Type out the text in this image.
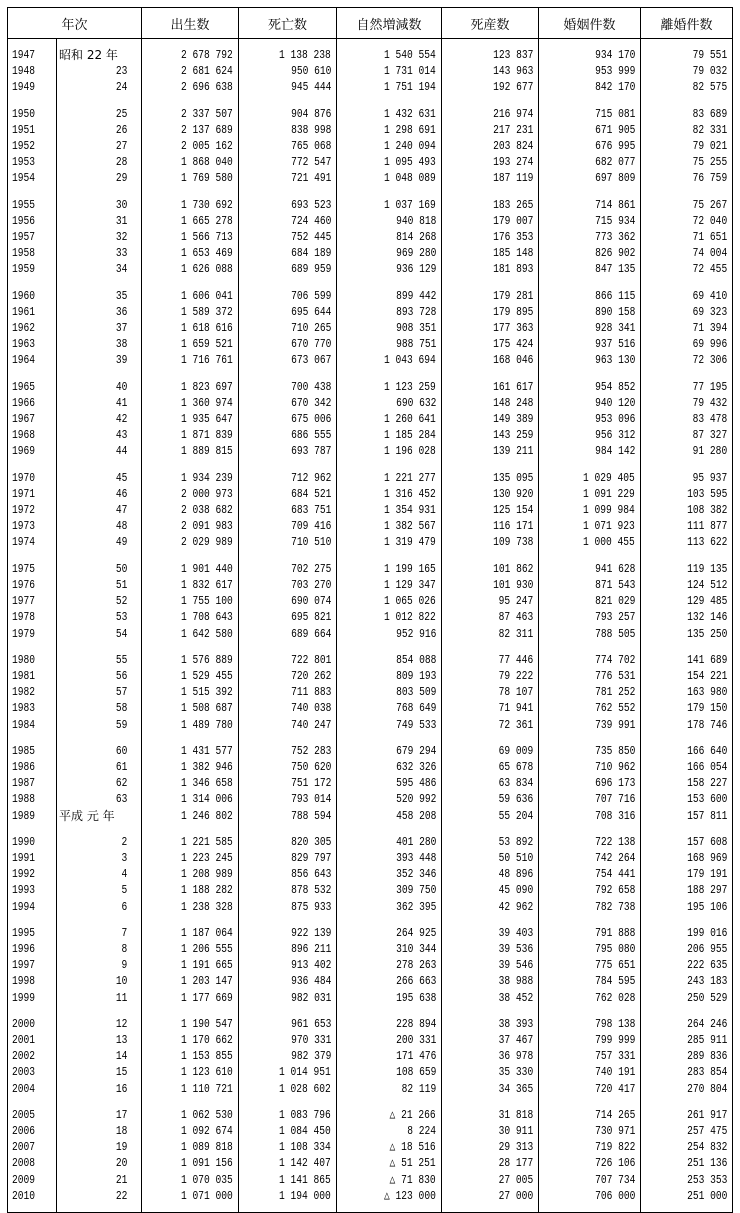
年次		出生数	死亡数	自然増減数	死産数	婚姻件数	離婚件数
1947	昭和 22 年	2 678 792	1 138 238	1 540 554	123 837	934 170	79 551
1948	23	2 681 624	950 610	1 731 014	143 963	953 999	79 032
1949	24	2 696 638	945 444	1 751 194	192 677	842 170	82 575
1950	25	2 337 507	904 876	1 432 631	216 974	715 081	83 689
1951	26	2 137 689	838 998	1 298 691	217 231	671 905	82 331
1952	27	2 005 162	765 068	1 240 094	203 824	676 995	79 021
1953	28	1 868 040	772 547	1 095 493	193 274	682 077	75 255
1954	29	1 769 580	721 491	1 048 089	187 119	697 809	76 759
1955	30	1 730 692	693 523	1 037 169	183 265	714 861	75 267
1956	31	1 665 278	724 460	940 818	179 007	715 934	72 040
1957	32	1 566 713	752 445	814 268	176 353	773 362	71 651
1958	33	1 653 469	684 189	969 280	185 148	826 902	74 004
1959	34	1 626 088	689 959	936 129	181 893	847 135	72 455
1960	35	1 606 041	706 599	899 442	179 281	866 115	69 410
1961	36	1 589 372	695 644	893 728	179 895	890 158	69 323
1962	37	1 618 616	710 265	908 351	177 363	928 341	71 394
1963	38	1 659 521	670 770	988 751	175 424	937 516	69 996
1964	39	1 716 761	673 067	1 043 694	168 046	963 130	72 306
1965	40	1 823 697	700 438	1 123 259	161 617	954 852	77 195
1966	41	1 360 974	670 342	690 632	148 248	940 120	79 432
1967	42	1 935 647	675 006	1 260 641	149 389	953 096	83 478
1968	43	1 871 839	686 555	1 185 284	143 259	956 312	87 327
1969	44	1 889 815	693 787	1 196 028	139 211	984 142	91 280
1970	45	1 934 239	712 962	1 221 277	135 095	1 029 405	95 937
1971	46	2 000 973	684 521	1 316 452	130 920	1 091 229	103 595
1972	47	2 038 682	683 751	1 354 931	125 154	1 099 984	108 382
1973	48	2 091 983	709 416	1 382 567	116 171	1 071 923	111 877
1974	49	2 029 989	710 510	1 319 479	109 738	1 000 455	113 622
1975	50	1 901 440	702 275	1 199 165	101 862	941 628	119 135
1976	51	1 832 617	703 270	1 129 347	101 930	871 543	124 512
1977	52	1 755 100	690 074	1 065 026	95 247	821 029	129 485
1978	53	1 708 643	695 821	1 012 822	87 463	793 257	132 146
1979	54	1 642 580	689 664	952 916	82 311	788 505	135 250
1980	55	1 576 889	722 801	854 088	77 446	774 702	141 689
1981	56	1 529 455	720 262	809 193	79 222	776 531	154 221
1982	57	1 515 392	711 883	803 509	78 107	781 252	163 980
1983	58	1 508 687	740 038	768 649	71 941	762 552	179 150
1984	59	1 489 780	740 247	749 533	72 361	739 991	178 746
1985	60	1 431 577	752 283	679 294	69 009	735 850	166 640
1986	61	1 382 946	750 620	632 326	65 678	710 962	166 054
1987	62	1 346 658	751 172	595 486	63 834	696 173	158 227
1988	63	1 314 006	793 014	520 992	59 636	707 716	153 600
1989	平成 元 年	1 246 802	788 594	458 208	55 204	708 316	157 811
1990	2	1 221 585	820 305	401 280	53 892	722 138	157 608
1991	3	1 223 245	829 797	393 448	50 510	742 264	168 969
1992	4	1 208 989	856 643	352 346	48 896	754 441	179 191
1993	5	1 188 282	878 532	309 750	45 090	792 658	188 297
1994	6	1 238 328	875 933	362 395	42 962	782 738	195 106
1995	7	1 187 064	922 139	264 925	39 403	791 888	199 016
1996	8	1 206 555	896 211	310 344	39 536	795 080	206 955
1997	9	1 191 665	913 402	278 263	39 546	775 651	222 635
1998	10	1 203 147	936 484	266 663	38 988	784 595	243 183
1999	11	1 177 669	982 031	195 638	38 452	762 028	250 529
2000	12	1 190 547	961 653	228 894	38 393	798 138	264 246
2001	13	1 170 662	970 331	200 331	37 467	799 999	285 911
2002	14	1 153 855	982 379	171 476	36 978	757 331	289 836
2003	15	1 123 610	1 014 951	108 659	35 330	740 191	283 854
2004	16	1 110 721	1 028 602	82 119	34 365	720 417	270 804
2005	17	1 062 530	1 083 796	△ 21 266	31 818	714 265	261 917
2006	18	1 092 674	1 084 450	8 224	30 911	730 971	257 475
2007	19	1 089 818	1 108 334	△ 18 516	29 313	719 822	254 832
2008	20	1 091 156	1 142 407	△ 51 251	28 177	726 106	251 136
2009	21	1 070 035	1 141 865	△ 71 830	27 005	707 734	253 353
2010	22	1 071 000	1 194 000	△ 123 000	27 000	706 000	251 000
